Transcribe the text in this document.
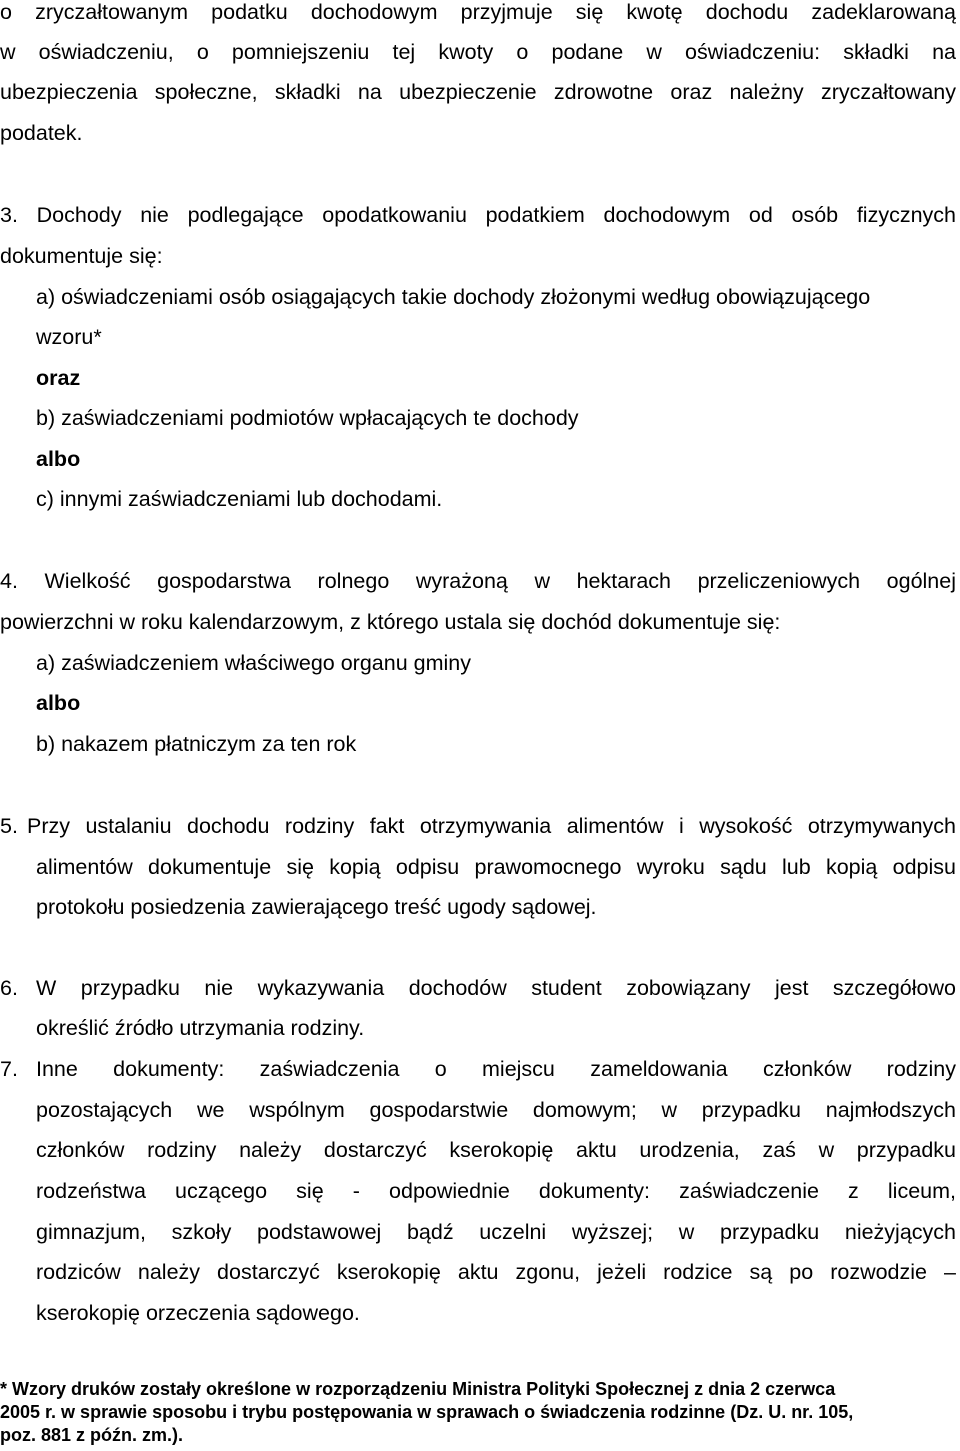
o zryczałtowanym podatku dochodowym przyjmuje się kwotę dochodu zadeklarowaną
w oświadczeniu, o pomniejszeniu tej kwoty o podane w oświadczeniu: składki na
ubezpieczenia społeczne, składki na ubezpieczenie zdrowotne oraz należny zryczałtowany
podatek.
3. Dochody nie podlegające opodatkowaniu podatkiem dochodowym od osób fizycznych
dokumentuje się:
a) oświadczeniami osób osiągających takie dochody złożonymi według obowiązującego
wzoru*
oraz
b) zaświadczeniami podmiotów wpłacających te dochody
albo
c) innymi zaświadczeniami lub dochodami.
4. Wielkość gospodarstwa rolnego wyrażoną w hektarach przeliczeniowych ogólnej
powierzchni w roku kalendarzowym, z którego ustala się dochód dokumentuje się:
a) zaświadczeniem właściwego organu gminy
albo
b) nakazem płatniczym za ten rok
5. Przy ustalaniu dochodu rodziny fakt otrzymywania alimentów i wysokość otrzymywanych
alimentów dokumentuje się kopią odpisu prawomocnego wyroku sądu lub kopią odpisu
protokołu posiedzenia zawierającego treść ugody sądowej.
6. W przypadku nie wykazywania dochodów student zobowiązany jest szczegółowo
określić źródło utrzymania rodziny.
7. Inne dokumenty: zaświadczenia o miejscu zameldowania członków rodziny
pozostających we wspólnym gospodarstwie domowym; w przypadku najmłodszych
członków rodziny należy dostarczyć kserokopię aktu urodzenia, zaś w przypadku
rodzeństwa uczącego się - odpowiednie dokumenty: zaświadczenie z liceum,
gimnazjum, szkoły podstawowej bądź uczelni wyższej; w przypadku nieżyjących
rodziców należy dostarczyć kserokopię aktu zgonu, jeżeli rodzice są po rozwodzie –
kserokopię orzeczenia sądowego.
* Wzory druków zostały określone w rozporządzeniu Ministra Polityki Społecznej z dnia 2 czerwca
2005 r. w sprawie sposobu i trybu postępowania w sprawach o świadczenia rodzinne (Dz. U. nr. 105,
poz. 881 z późn. zm.).
